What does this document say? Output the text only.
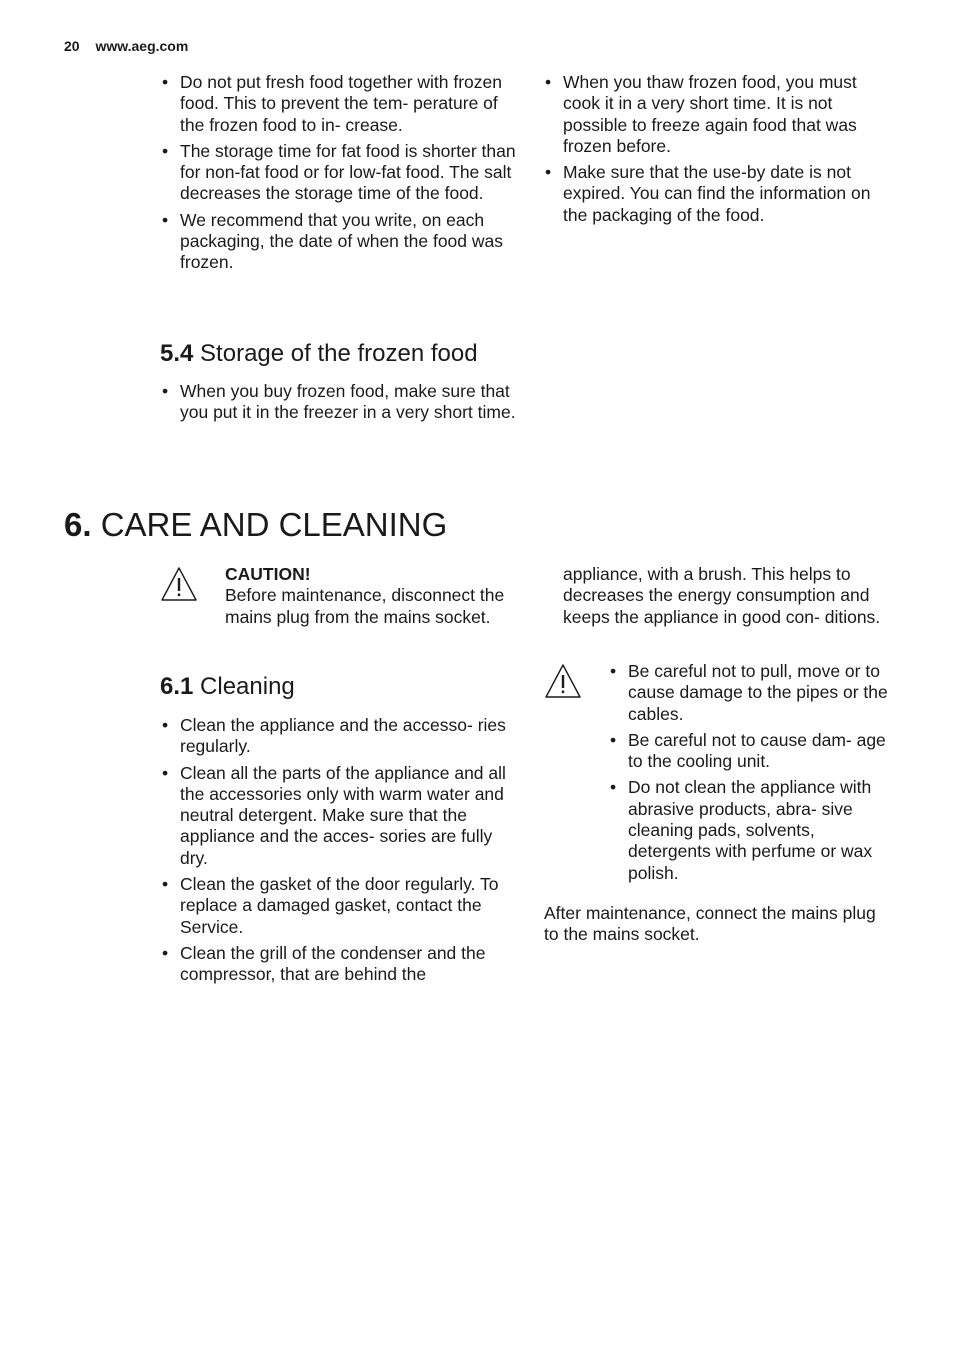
20 www.aeg.com
• Do not put fresh food together with frozen food. This to prevent the tem- perature of the frozen food to in- crease.
• The storage time for fat food is shorter than for non-fat food or for low-fat food. The salt decreases the storage time of the food.
• We recommend that you write, on each packaging, the date of when the food was frozen.
• When you thaw frozen food, you must cook it in a very short time. It is not possible to freeze again food that was frozen before.
• Make sure that the use-by date is not expired. You can find the information on the packaging of the food.
5.4 Storage of the frozen food
• When you buy frozen food, make sure that you put it in the freezer in a very short time.
6. CARE AND CLEANING
CAUTION!
Before maintenance, disconnect the mains plug from the mains socket.
6.1 Cleaning
• Clean the appliance and the accesso- ries regularly.
• Clean all the parts of the appliance and all the accessories only with warm water and neutral detergent. Make sure that the appliance and the acces- sories are fully dry.
• Clean the gasket of the door regularly. To replace a damaged gasket, contact the Service.
• Clean the grill of the condenser and the compressor, that are behind the
appliance, with a brush. This helps to decreases the energy consumption and keeps the appliance in good con- ditions.
• Be careful not to pull, move or to cause damage to the pipes or the cables.
• Be careful not to cause dam- age to the cooling unit.
• Do not clean the appliance with abrasive products, abra- sive cleaning pads, solvents, detergents with perfume or wax polish.
After maintenance, connect the mains plug to the mains socket.
